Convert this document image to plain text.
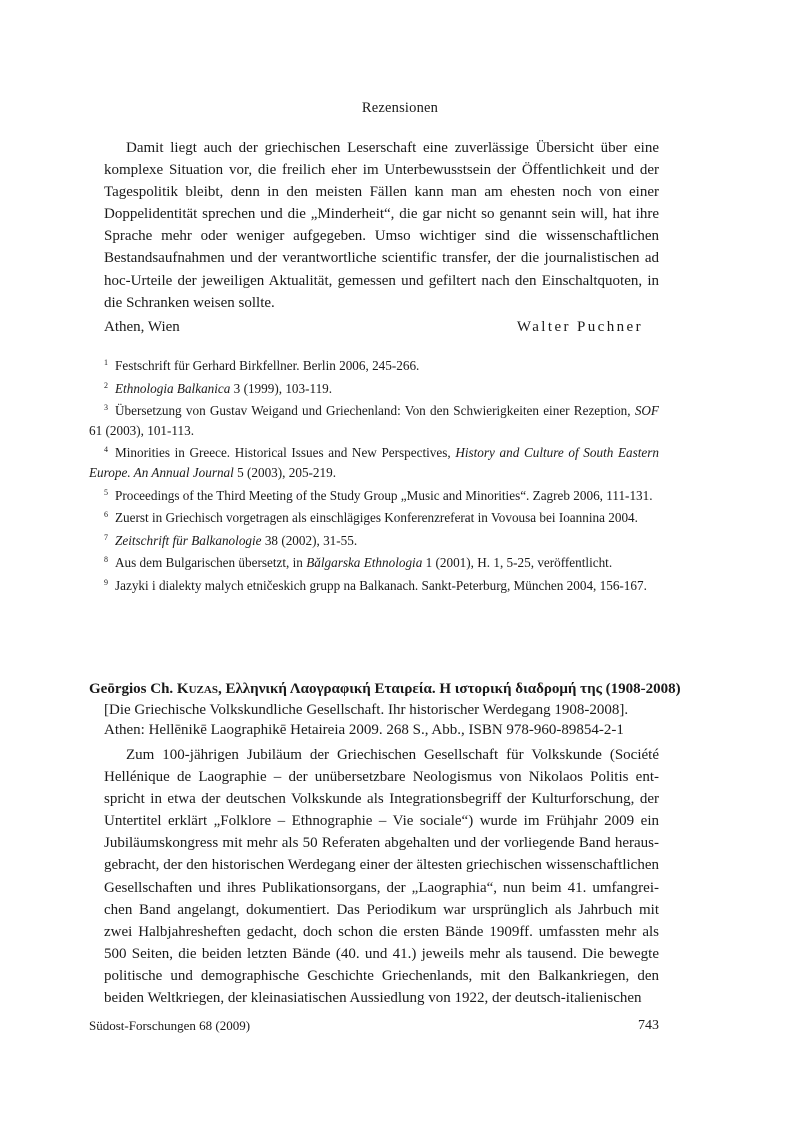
Rezensionen

Damit liegt auch der griechischen Leserschaft eine zuverlässige Übersicht über eine komplexe Situation vor, die freilich eher im Unterbewusstsein der Öffentlichkeit und der Tagespolitik bleibt, denn in den meisten Fällen kann man am ehesten noch von einer Doppelidentität sprechen und die „Minderheit“, die gar nicht so genannt sein will, hat ihre Sprache mehr oder weniger aufgegeben. Umso wichtiger sind die wissenschaftlichen Bestandsaufnahmen und der verantwortliche scientific transfer, der die journalistischen ad hoc-Urteile der jeweiligen Aktualität, gemessen und gefiltert nach den Einschaltquoten, in die Schranken weisen sollte.

Athen, Wien	Walter Puchner
$^1$ Festschrift für Gerhard Birkfellner. Berlin 2006, 245-266.
$^2$ Ethnologia Balkanica 3 (1999), 103-119.
$^3$ Übersetzung von Gustav Weigand und Griechenland: Von den Schwierigkeiten einer Rezeption, SOF 61 (2003), 101-113.
$^4$ Minorities in Greece. Historical Issues and New Perspectives, History and Culture of South Eastern Europe. An Annual Journal 5 (2003), 205-219.
$^5$ Proceedings of the Third Meeting of the Study Group „Music and Minorities“. Zagreb 2006, 111-131.
$^6$ Zuerst in Griechisch vorgetragen als einschlägiges Konferenzreferat in Vovousa bei Ioannina 2004.
$^7$ Zeitschrift für Balkanologie 38 (2002), 31-55.
$^8$ Aus dem Bulgarischen übersetzt, in Bălgarska Ethnologia 1 (2001), H. 1, 5-25, veröffentlicht.
$^9$ Jazyki i dialekty malych etničeskich grupp na Balkanach. Sankt-Peterburg, München 2004, 156-167.
Geōrgios Ch. Kuzas, Ελληνική Λαογραφική Εταιρεία. Η ιστορική διαδρομή της (1908-2008)
[Die Griechische Volkskundliche Gesellschaft. Ihr historischer Werdegang 1908-2008].
Athen: Hellēnikē Laographikē Hetaireia 2009. 268 S., Abb., ISBN 978-960-89854-2-1

Zum 100-jährigen Jubiläum der Griechischen Gesellschaft für Volkskunde (Société Hellénique de Laographie – der unübersetzbare Neologismus von Nikolaos Politis entspricht in etwa der deutschen Volkskunde als Integrationsbegriff der Kulturforschung, der Untertitel erklärt „Folklore – Ethnographie – Vie sociale“) wurde im Frühjahr 2009 ein Jubiläumskongress mit mehr als 50 Referaten abgehalten und der vorliegende Band herausgebracht, der den historischen Werdegang einer der ältesten griechischen wissenschaftlichen Gesellschaften und ihres Publikationsorgans, der „Laographia“, nun beim 41. umfangreichen Band angelangt, dokumentiert. Das Periodikum war ursprünglich als Jahrbuch mit zwei Halbjahresheften gedacht, doch schon die ersten Bände 1909ff. umfassten mehr als 500 Seiten, die beiden letzten Bände (40. und 41.) jeweils mehr als tausend. Die bewegte politische und demographische Geschichte Griechenlands, mit den Balkankriegen, den beiden Weltkriegen, der kleinasiatischen Aussiedlung von 1922, der deutsch-italienischen

Südost-Forschungen 68 (2009)	743
